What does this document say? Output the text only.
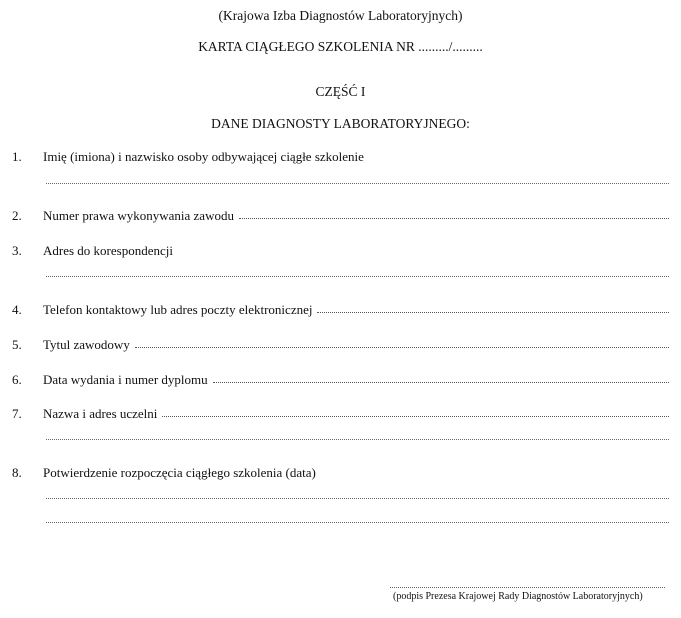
(Krajowa Izba Diagnostów Laboratoryjnych)
KARTA CIĄGŁEGO SZKOLENIA NR ........./.........
CZĘŚĆ I
DANE DIAGNOSTY LABORATORYJNEGO:
1. Imię (imiona) i nazwisko osoby odbywającej ciągłe szkolenie
2. Numer prawa wykonywania zawodu
3. Adres do korespondencji
4. Telefon kontaktowy lub adres poczty elektronicznej
5. Tytul zawodowy
6. Data wydania i numer dyplomu
7. Nazwa i adres uczelni
8. Potwierdzenie rozpoczęcia ciągłego szkolenia (data)
(podpis Prezesa Krajowej Rady Diagnostów Laboratoryjnych)
